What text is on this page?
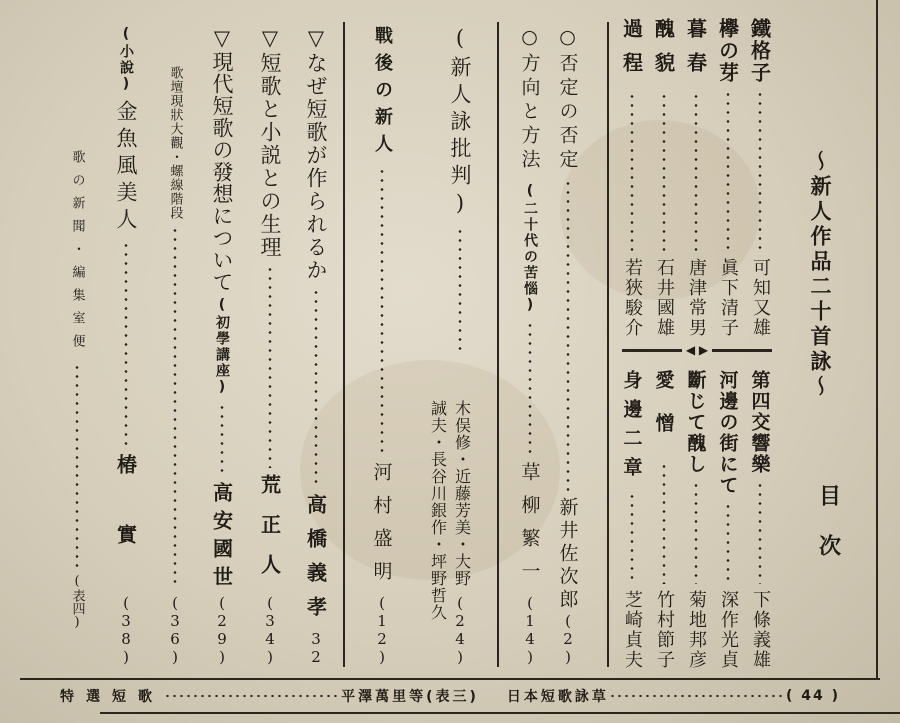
目次
〜新人作品二十首詠〜
◀ ▶
鐵格子
可知又雄
欅の芽
眞下清子
暮春
唐津常男
醜貌
石井國雄
過程
若狹駿介
第四交響樂
下條義雄
河邊の街にて
深作光貞
斷じて醜し
菊地邦彦
愛憎
竹村節子
身邊二章
芝崎貞夫
○否定の否定
新井佐次郎
(2)
○方向と方法
(二十代の苦惱)
草柳繁一
(14)
(新人詠批判)
(24)
木俣修・近藤芳美・大野
誠夫・長谷川銀作・坪野哲久
戰後の新人
河村盛明
(12)
▽なぜ短歌が作られるか
高橋義孝
32
▽短歌と小説との生理
荒正人
(34)
▽現代短歌の發想について
(初學講座)
高安國世
(29)
歌壇現狀大觀・螺線階段
(36)
(小說)
金魚風美人
椿實
(38)
歌の新聞・編集室便
(表四)
特選短歌	平澤萬里等(表三) 日本短歌詠草	( 44 )
